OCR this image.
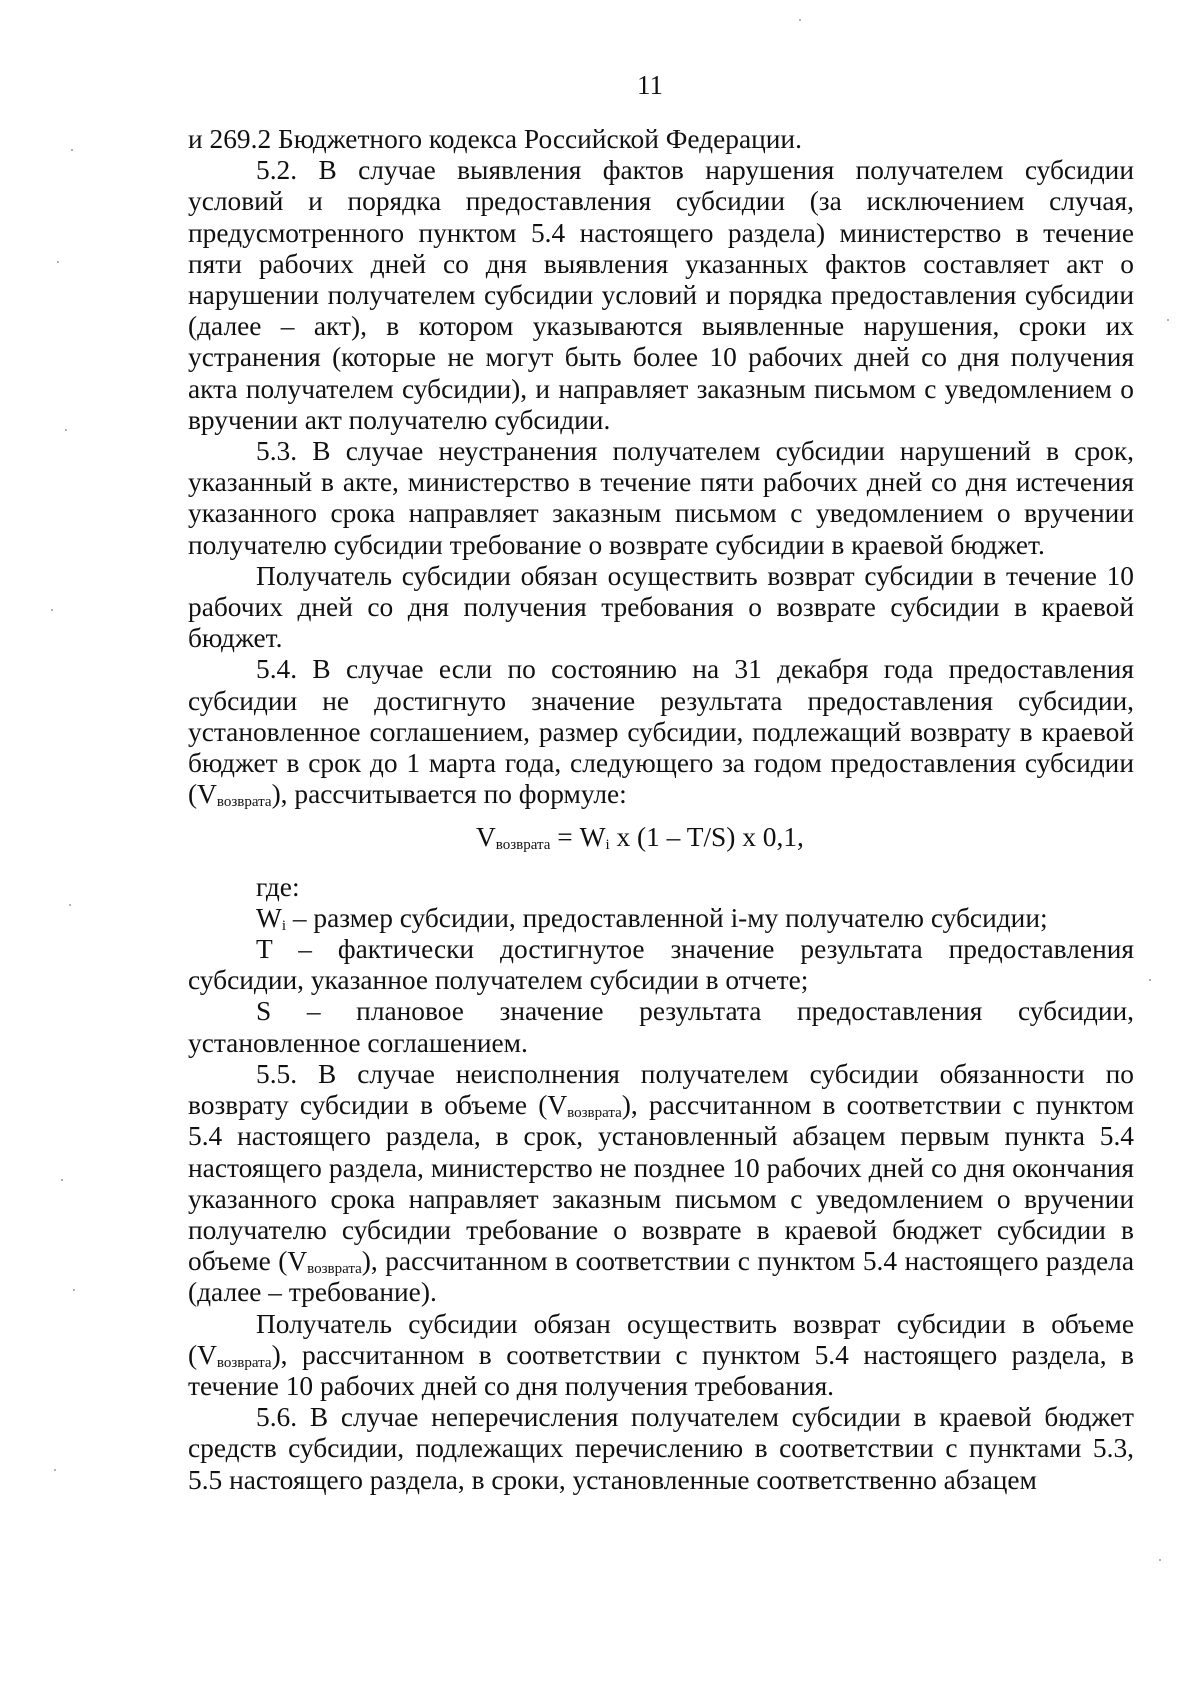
11

и 269.2 Бюджетного кодекса Российской Федерации.

5.2. В случае выявления фактов нарушения получателем субсидии условий и порядка предоставления субсидии (за исключением случая, предусмотренного пунктом 5.4 настоящего раздела) министерство в течение пяти рабочих дней со дня выявления указанных фактов составляет акт о нарушении получателем субсидии условий и порядка предоставления субсидии (далее – акт), в котором указываются выявленные нарушения, сроки их устранения (которые не могут быть более 10 рабочих дней со дня получения акта получателем субсидии), и направляет заказным письмом с уведомлением о вручении акт получателю субсидии.

5.3. В случае неустранения получателем субсидии нарушений в срок, указанный в акте, министерство в течение пяти рабочих дней со дня истечения указанного срока направляет заказным письмом с уведомлением о вручении получателю субсидии требование о возврате субсидии в краевой бюджет.

Получатель субсидии обязан осуществить возврат субсидии в течение 10 рабочих дней со дня получения требования о возврате субсидии в краевой бюджет.

5.4. В случае если по состоянию на 31 декабря года предоставления субсидии не достигнуто значение результата предоставления субсидии, установленное соглашением, размер субсидии, подлежащий возврату в краевой бюджет в срок до 1 марта года, следующего за годом предоставления субсидии $(V_{возврата})$, рассчитывается по формуле:

$V_{возврата} = W_i$ x (1 – T/S) x 0,1,

где:

$W_i$ – размер субсидии, предоставленной i-му получателю субсидии;

T – фактически достигнутое значение результата предоставления субсидии, указанное получателем субсидии в отчете;

S – плановое значение результата предоставления субсидии, установленное соглашением.

5.5. В случае неисполнения получателем субсидии обязанности по возврату субсидии в объеме $(V_{возврата})$, рассчитанном в соответствии с пунктом 5.4 настоящего раздела, в срок, установленный абзацем первым пункта 5.4 настоящего раздела, министерство не позднее 10 рабочих дней со дня окончания указанного срока направляет заказным письмом с уведомлением о вручении получателю субсидии требование о возврате в краевой бюджет субсидии в объеме $(V_{возврата})$, рассчитанном в соответствии с пунктом 5.4 настоящего раздела (далее – требование).

Получатель субсидии обязан осуществить возврат субсидии в объеме $(V_{возврата})$, рассчитанном в соответствии с пунктом 5.4 настоящего раздела, в течение 10 рабочих дней со дня получения требования.

5.6. В случае неперечисления получателем субсидии в краевой бюджет средств субсидии, подлежащих перечислению в соответствии с пунктами 5.3, 5.5 настоящего раздела, в сроки, установленные соответственно абзацем
